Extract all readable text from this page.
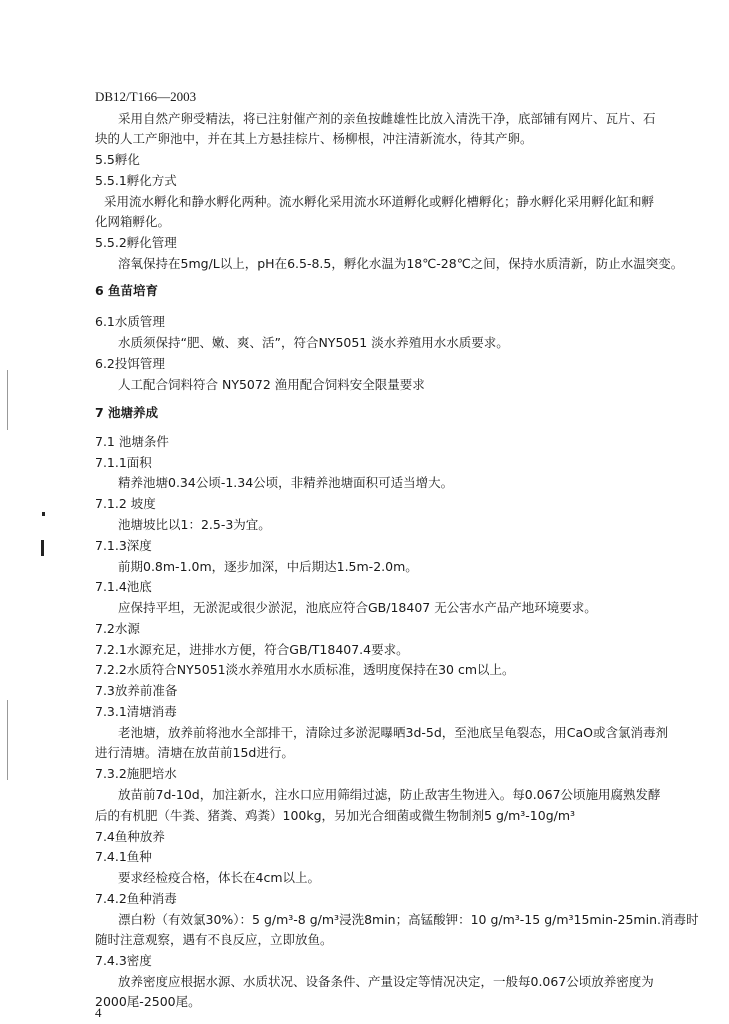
DB12/T166—2003
采用自然产卵受精法，将已注射催产剂的亲鱼按雌雄性比放入清洗干净，底部铺有网片、瓦片、石
块的人工产卵池中，并在其上方悬挂棕片、杨柳根，冲注清新流水，待其产卵。
5.5孵化
5.5.1孵化方式
采用流水孵化和静水孵化两种。流水孵化采用流水环道孵化或孵化槽孵化；静水孵化采用孵化缸和孵
化网箱孵化。
5.5.2孵化管理
溶氧保持在5mg/L以上，pH在6.5-8.5，孵化水温为18℃-28℃之间，保持水质清新，防止水温突变。
6 鱼苗培育
6.1水质管理
水质须保持“肥、嫩、爽、活”，符合NY5051 淡水养殖用水水质要求。
6.2投饵管理
人工配合饲料符合 NY5072 渔用配合饲料安全限量要求
7 池塘养成
7.1 池塘条件
7.1.1面积
精养池塘0.34公顷-1.34公顷，非精养池塘面积可适当增大。
7.1.2 坡度
池塘坡比以1：2.5-3为宜。
7.1.3深度
前期0.8m-1.0m，逐步加深，中后期达1.5m-2.0m。
7.1.4池底
应保持平坦，无淤泥或很少淤泥，池底应符合GB/18407 无公害水产品产地环境要求。
7.2水源
7.2.1水源充足，进排水方便，符合GB/T18407.4要求。
7.2.2水质符合NY5051淡水养殖用水水质标准，透明度保持在30 cm以上。
7.3放养前准备
7.3.1清塘消毒
老池塘，放养前将池水全部排干，清除过多淤泥曝晒3d-5d，至池底呈龟裂态，用CaO或含氯消毒剂
进行清塘。清塘在放苗前15d进行。
7.3.2施肥培水
放苗前7d-10d，加注新水，注水口应用筛绢过滤，防止敌害生物进入。每0.067公顷施用腐熟发酵
后的有机肥（牛粪、猪粪、鸡粪）100kg，另加光合细菌或微生物制剂5 g/m³-10g/m³
7.4鱼种放养
7.4.1鱼种
要求经检疫合格，体长在4cm以上。
7.4.2鱼种消毒
漂白粉（有效氯30%）：5 g/m³-8 g/m³浸洗8min；高锰酸钾：10 g/m³-15 g/m³15min-25min.消毒时
随时注意观察，遇有不良反应，立即放鱼。
7.4.3密度
放养密度应根据水源、水质状况、设备条件、产量设定等情况决定，一般每0.067公顷放养密度为
2000尾-2500尾。
4
